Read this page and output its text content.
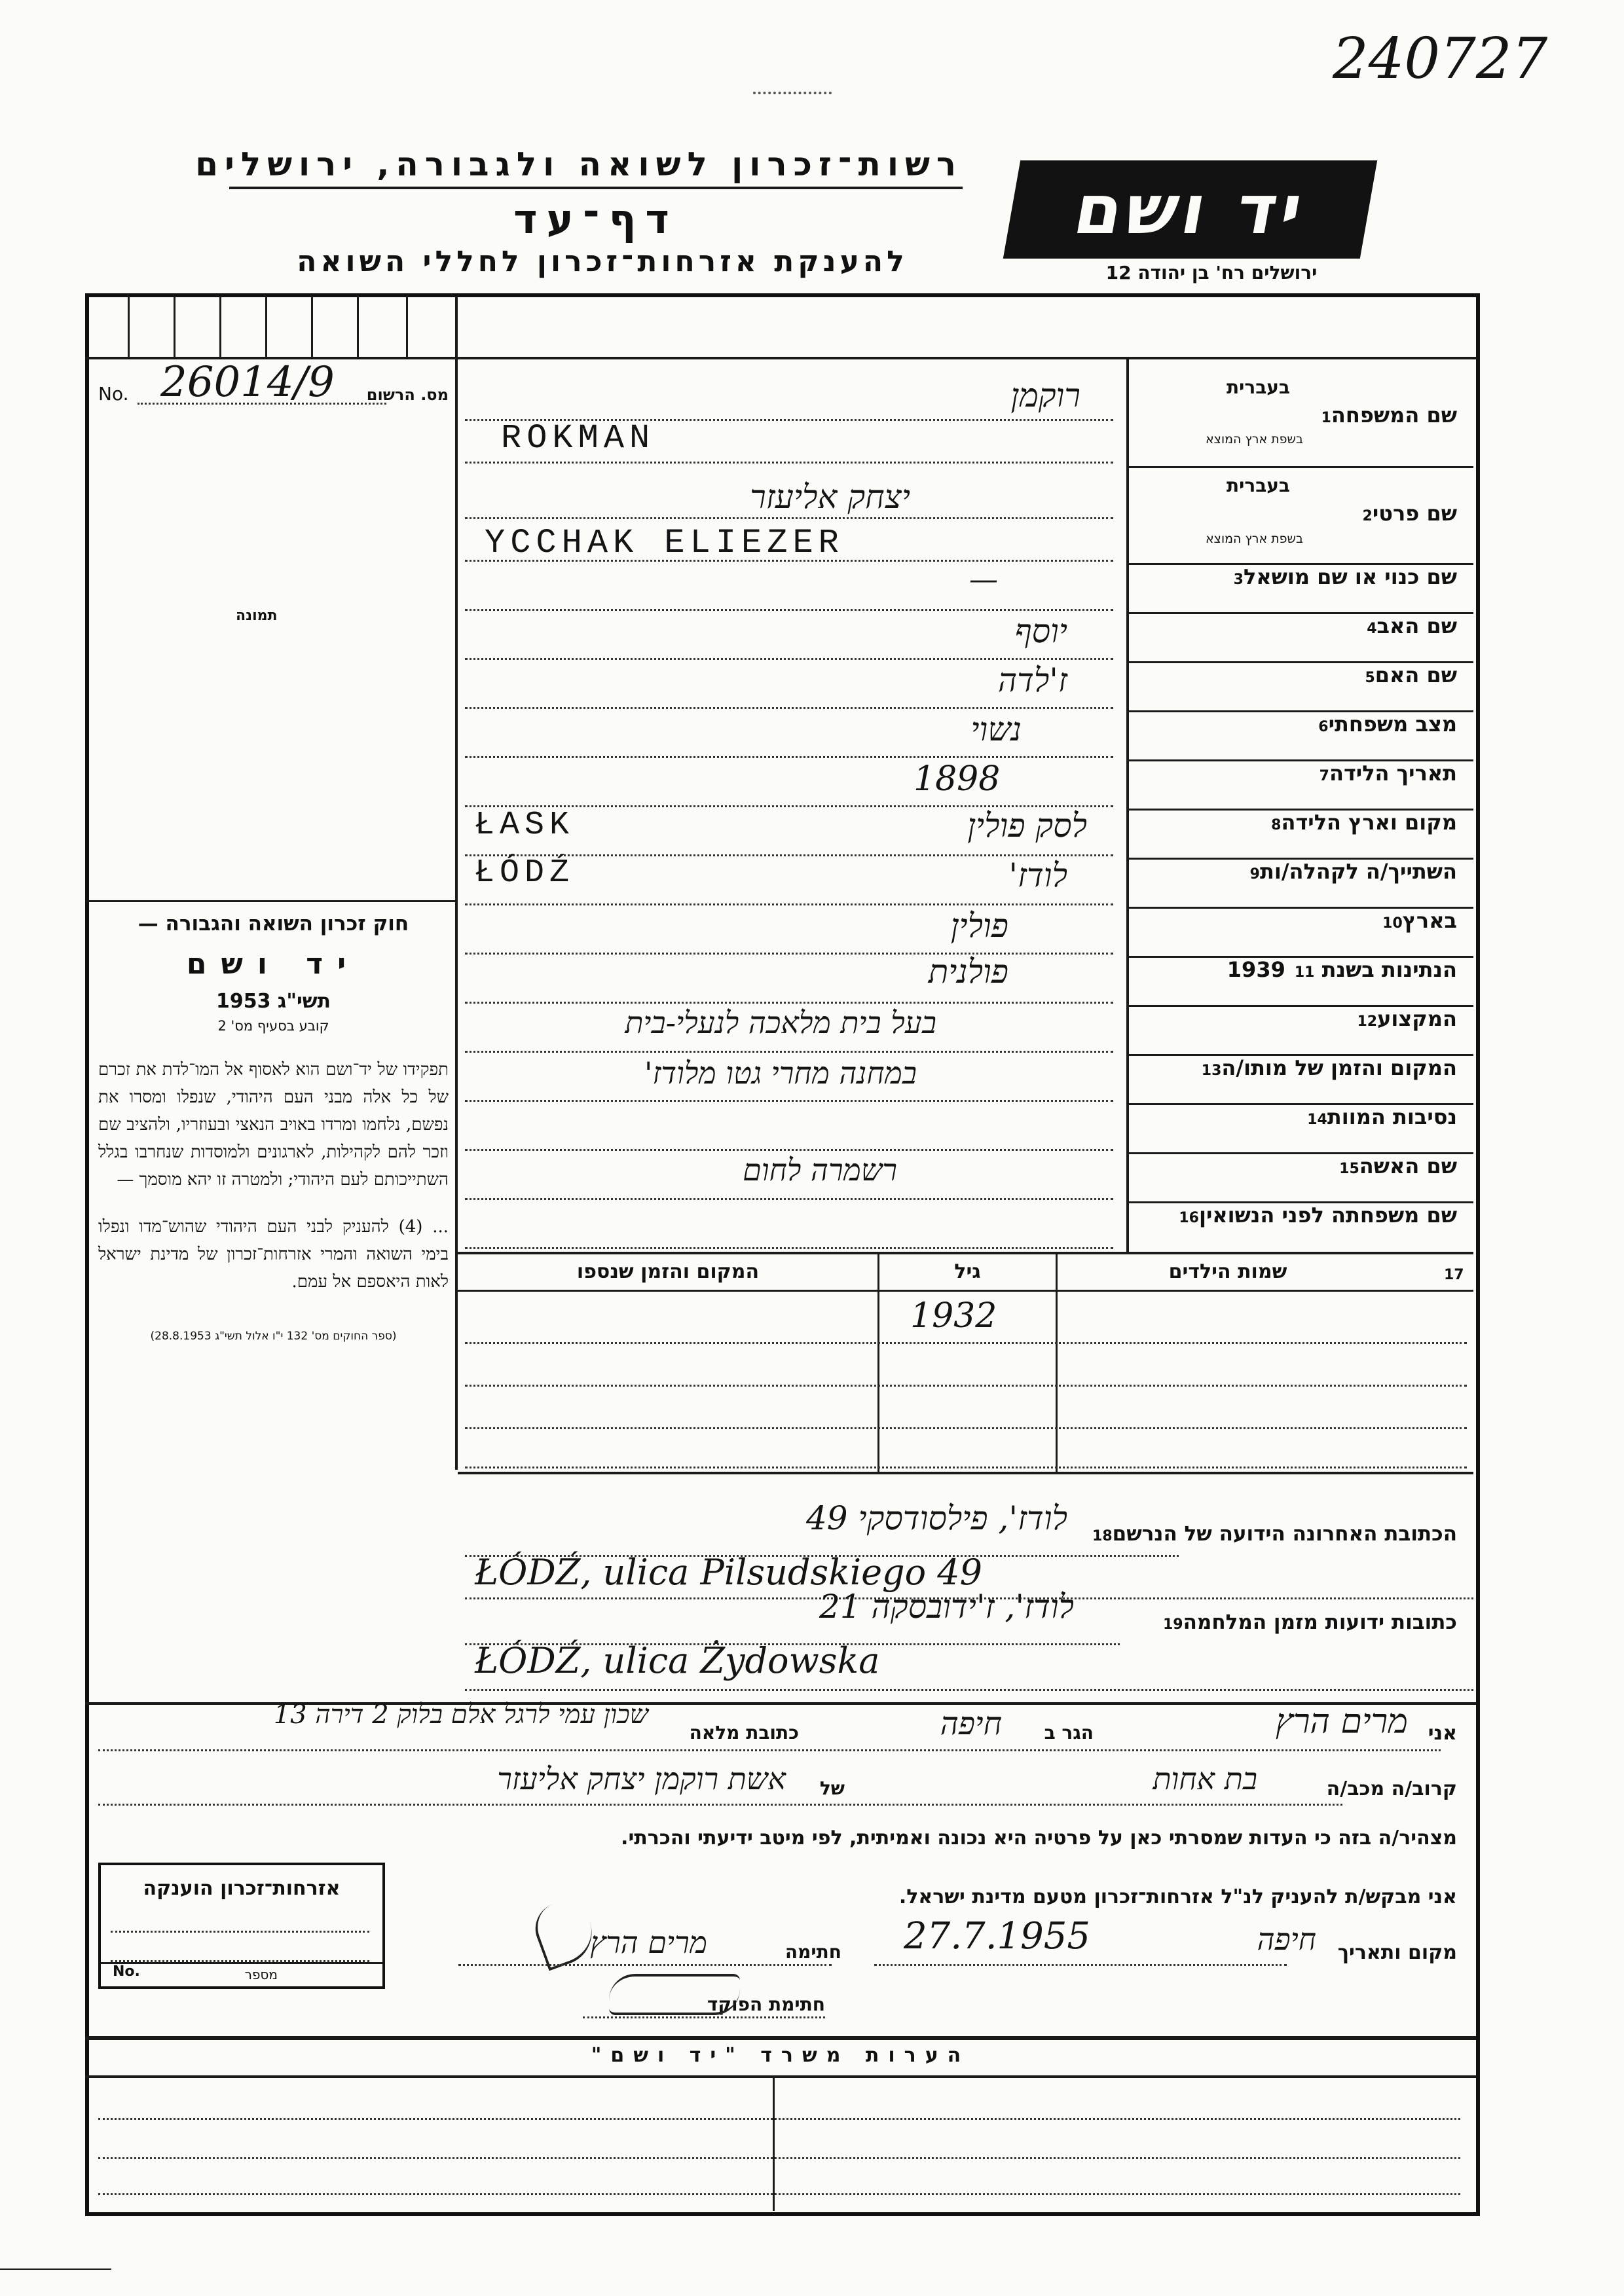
240727
רשות־זכרון לשואה ולגבורה, ירושלים
דף־עד
להענקת אזרחות־זכרון לחללי השואה
יד ושם
ירושלים רח' בן יהודה 12
No. 26014/9 מס. הרשום
תמונה
חוק זכרון השואה והגבורה —
יד ושם
תשי"ג 1953
קובע בסעיף מס' 2
תפקידו של יד־ושם הוא לאסוף אל המו־לדת את זכרם של כל אלה מבני העם היהודי, שנפלו ומסרו את נפשם, נלחמו ומרדו באויב הנאצי ובעוזריו, ולהציב שם וזכר להם לקהילות, לארגונים ולמוסדות שנחרבו בגלל השתייכותם לעם היהודי; ולמטרה זו יהא מוסמך —
... (4) להעניק לבני העם היהודי שהוש־מדו ונפלו בימי השואה והמרי אזרחות־זכרון של מדינת ישראל לאות היאספם אל עמם.
(ספר החוקים מס' 132 י"ו אלול תשי"ג 28.8.1953)
שם המשפחה1
בעברית
בשפת ארץ המוצא
שם פרטי2
בעברית
בשפת ארץ המוצא
שם כנוי או שם מושאל3
שם האב4
שם האם5
מצב משפחתי6
תאריך הלידה7
מקום וארץ הלידה8
השתייך/ה לקהלה/ות9
בארץ10
הנתינות בשנת 193911
המקצוע12
המקום והזמן של מותו/ה13
נסיבות המוות14
שם האשה15
שם משפחתה לפני הנשואין16
רוקמן
ROKMAN
יצחק אליעזר
YCCHAK ELIEZER
—
יוסף
ז'לדה
נשוי
1898
לסק פולין
ŁASK
לודז'
ŁÓDŹ
פולין
פולנית
בעל בית מלאכה לנעלי-בית
במחנה מחרי גטו מלודז'
רשמרה לחום
שמות הילדים	17
גיל
המקום והזמן שנספו
1932
הכתובת האחרונה הידועה של הנרשם18
לודז', פילסודסקי 49
ŁÓDŹ, ulica Pilsudskiego 49
כתובות ידועות מזמן המלחמה19
לודז', ז'ידובסקה 21
ŁÓDŹ, ulica Żydowska
אני
מרים הרץ
הגר ב
חיפה
כתובת מלאה
שכון עמי לרגל אלם בלוק 2 דירה 13
קרוב/ה מכב/ה
בת אחות
של
אשת רוקמן יצחק אליעזר
מצהיר/ה בזה כי העדות שמסרתי כאן על פרטיה היא נכונה ואמיתית, לפי מיטב ידיעתי והכרתי.
אזרחות־זכרון הוענקה
No.	מספר
אני מבקש/ת להעניק לנ"ל אזרחות־זכרון מטעם מדינת ישראל.
מקום ותאריך
חיפה
27.7.1955
חתימה
מרים הרץ
חתימת הפוקד
הערות משרד "יד ושם"
